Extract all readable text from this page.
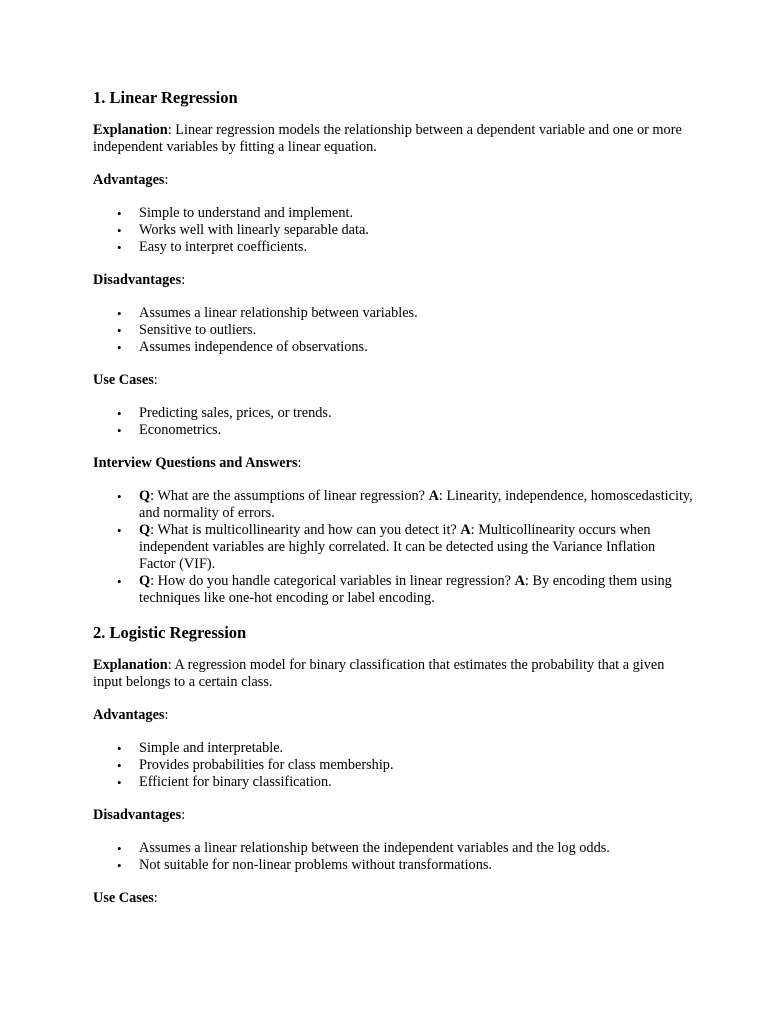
1. Linear Regression

Explanation: Linear regression models the relationship between a dependent variable and one or more independent variables by fitting a linear equation.

Advantages:

• Simple to understand and implement.
• Works well with linearly separable data.
• Easy to interpret coefficients.

Disadvantages:

• Assumes a linear relationship between variables.
• Sensitive to outliers.
• Assumes independence of observations.

Use Cases:

• Predicting sales, prices, or trends.
• Econometrics.

Interview Questions and Answers:

• Q: What are the assumptions of linear regression? A: Linearity, independence, homoscedasticity, and normality of errors.
• Q: What is multicollinearity and how can you detect it? A: Multicollinearity occurs when independent variables are highly correlated. It can be detected using the Variance Inflation Factor (VIF).
• Q: How do you handle categorical variables in linear regression? A: By encoding them using techniques like one-hot encoding or label encoding.
2. Logistic Regression

Explanation: A regression model for binary classification that estimates the probability that a given input belongs to a certain class.

Advantages:

• Simple and interpretable.
• Provides probabilities for class membership.
• Efficient for binary classification.

Disadvantages:

• Assumes a linear relationship between the independent variables and the log odds.
• Not suitable for non-linear problems without transformations.

Use Cases:
